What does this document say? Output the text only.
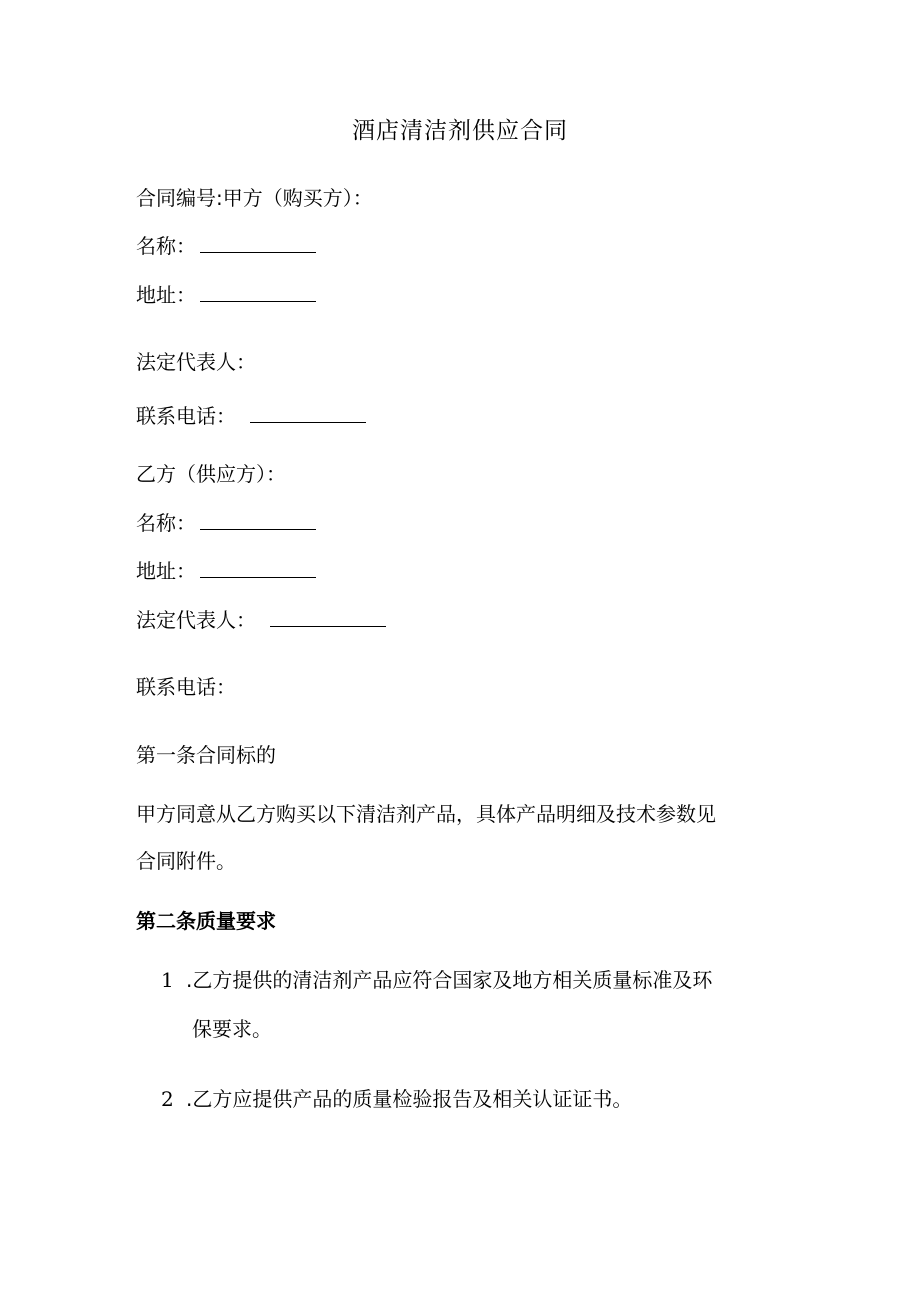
酒店清洁剂供应合同
合同编号:甲方（购买方）：
名称：
地址：
法定代表人：
联系电话：
乙方（供应方）：
名称：
地址：
法定代表人：
联系电话：
第一条合同标的
甲方同意从乙方购买以下清洁剂产品，具体产品明细及技术参数见
合同附件。
第二条质量要求
1 .乙方提供的清洁剂产品应符合国家及地方相关质量标准及环
保要求。
2 .乙方应提供产品的质量检验报告及相关认证证书。
